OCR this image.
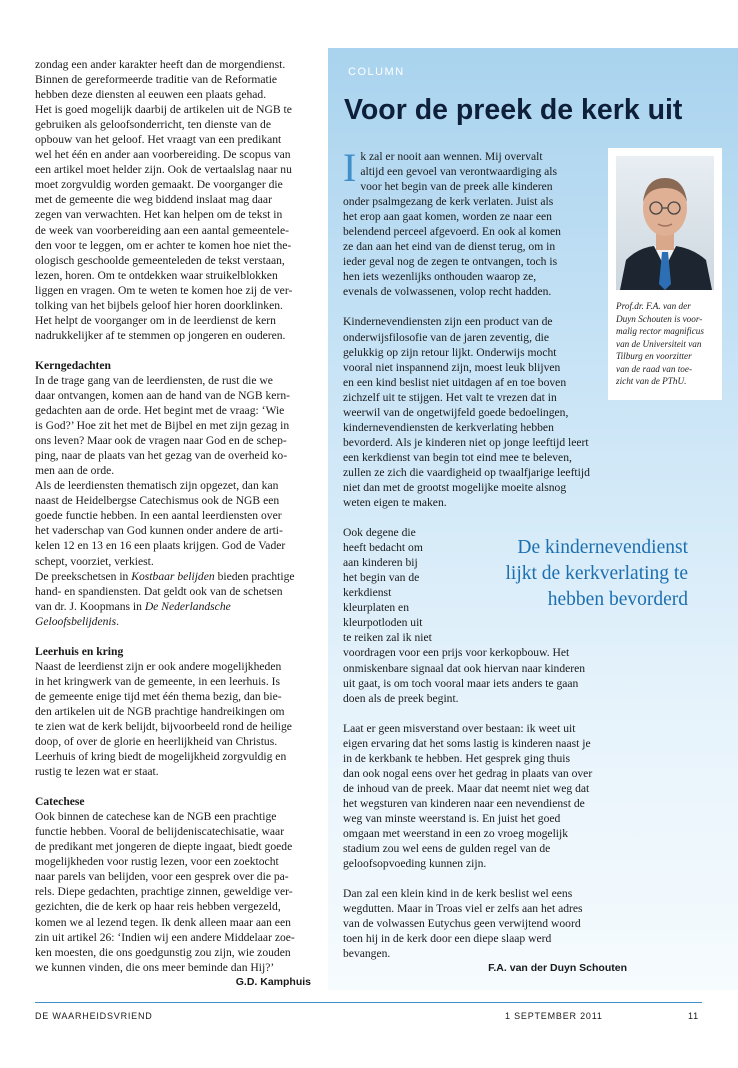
zondag een ander karakter heeft dan de morgendienst.
Binnen de gereformeerde traditie van de Reformatie
hebben deze diensten al eeuwen een plaats gehad.
Het is goed mogelijk daarbij de artikelen uit de NGB te
gebruiken als geloofsonderricht, ten dienste van de
opbouw van het geloof. Het vraagt van een predikant
wel het één en ander aan voorbereiding. De scopus van
een artikel moet helder zijn. Ook de vertaalslag naar nu
moet zorgvuldig worden gemaakt. De voorganger die
met de gemeente die weg biddend inslaat mag daar
zegen van verwachten. Het kan helpen om de tekst in
de week van voorbereiding aan een aantal gemeentele-
den voor te leggen, om er achter te komen hoe niet the-
ologisch geschoolde gemeenteleden de tekst verstaan,
lezen, horen. Om te ontdekken waar struikelblokken
liggen en vragen. Om te weten te komen hoe zij de ver-
tolking van het bijbels geloof hier horen doorklinken.
Het helpt de voorganger om in de leerdienst de kern
nadrukkelijker af te stemmen op jongeren en ouderen.

Kerngedachten

In de trage gang van de leerdiensten, de rust die we
daar ontvangen, komen aan de hand van de NGB kern-
gedachten aan de orde. Het begint met de vraag: ‘Wie
is God?’ Hoe zit het met de Bijbel en met zijn gezag in
ons leven? Maar ook de vragen naar God en de schep-
ping, naar de plaats van het gezag van de overheid ko-
men aan de orde.
Als de leerdiensten thematisch zijn opgezet, dan kan
naast de Heidelbergse Catechismus ook de NGB een
goede functie hebben. In een aantal leerdiensten over
het vaderschap van God kunnen onder andere de arti-
kelen 12 en 13 en 16 een plaats krijgen. God de Vader
schept, voorziet, verkiest.
De preekschetsen in Kostbaar belijden bieden prachtige
hand- en spandiensten. Dat geldt ook van de schetsen
van dr. J. Koopmans in De Nederlandsche Geloofsbelijdenis.

Leerhuis en kring

Naast de leerdienst zijn er ook andere mogelijkheden
in het kringwerk van de gemeente, in een leerhuis. Is
de gemeente enige tijd met één thema bezig, dan bie-
den artikelen uit de NGB prachtige handreikingen om
te zien wat de kerk belijdt, bijvoorbeeld rond de heilige
doop, of over de glorie en heerlijkheid van Christus.
Leerhuis of kring biedt de mogelijkheid zorgvuldig en
rustig te lezen wat er staat.

Catechese

Ook binnen de catechese kan de NGB een prachtige
functie hebben. Vooral de belijdeniscatechisatie, waar
de predikant met jongeren de diepte ingaat, biedt goede
mogelijkheden voor rustig lezen, voor een zoektocht
naar parels van belijden, voor een gesprek over die pa-
rels. Diepe gedachten, prachtige zinnen, geweldige ver-
gezichten, die de kerk op haar reis hebben vergezeld,
komen we al lezend tegen. Ik denk alleen maar aan een
zin uit artikel 26: ‘Indien wij een andere Middelaar zoe-
ken moesten, die ons goedgunstig zou zijn, wie zouden
we kunnen vinden, die ons meer beminde dan Hij?’

G.D. Kamphuis

COLUMN
Voor de preek de kerk uit
Prof.dr. F.A. van der
Duyn Schouten is voor-
malig rector magnificus
van de Universiteit van
Tilburg en voorzitter
van de raad van toe-
zicht van de PThU.

Ik zal er nooit aan wennen. Mij overvalt
altijd een gevoel van verontwaardiging als
voor het begin van de preek alle kinderen
onder psalmgezang de kerk verlaten. Juist als
het erop aan gaat komen, worden ze naar een
belendend perceel afgevoerd. En ook al komen
ze dan aan het eind van de dienst terug, om in
ieder geval nog de zegen te ontvangen, toch is
hen iets wezenlijks onthouden waarop ze,
evenals de volwassenen, volop recht hadden.

Kindernevendiensten zijn een product van de
onderwijsfilosofie van de jaren zeventig, die
gelukkig op zijn retour lijkt. Onderwijs mocht
vooral niet inspannend zijn, moest leuk blijven
en een kind beslist niet uitdagen af en toe boven
zichzelf uit te stijgen. Het valt te vrezen dat in
weerwil van de ongetwijfeld goede bedoelingen,
kindernevendiensten de kerkverlating hebben
bevorderd. Als je kinderen niet op jonge leeftijd leert
een kerkdienst van begin tot eind mee te beleven,
zullen ze zich die vaardigheid op twaalfjarige leeftijd
niet dan met de grootst mogelijke moeite alsnog
weten eigen te maken.

Ook degene die
heeft bedacht om
aan kinderen bij
het begin van de
kerkdienst
kleurplaten en
kleurpotloden uit
te reiken zal ik niet
voordragen voor een prijs voor kerkopbouw. Het
onmiskenbare signaal dat ook hiervan naar kinderen
uit gaat, is om toch vooral maar iets anders te gaan
doen als de preek begint.

Laat er geen misverstand over bestaan: ik weet uit
eigen ervaring dat het soms lastig is kinderen naast je
in de kerkbank te hebben. Het gesprek ging thuis
dan ook nogal eens over het gedrag in plaats van over
de inhoud van de preek. Maar dat neemt niet weg dat
het wegsturen van kinderen naar een nevendienst de
weg van minste weerstand is. En juist het goed
omgaan met weerstand in een zo vroeg mogelijk
stadium zou wel eens de gulden regel van de
geloofsopvoeding kunnen zijn.

Dan zal een klein kind in de kerk beslist wel eens
wegdutten. Maar in Troas viel er zelfs aan het adres
van de volwassen Eutychus geen verwijtend woord
toen hij in de kerk door een diepe slaap werd
bevangen.

F.A. van der Duyn Schouten

De kindernevendienst
lijkt de kerkverlating te
hebben bevorderd
DE WAARHEIDSVRIEND	1 SEPTEMBER 2011	11
